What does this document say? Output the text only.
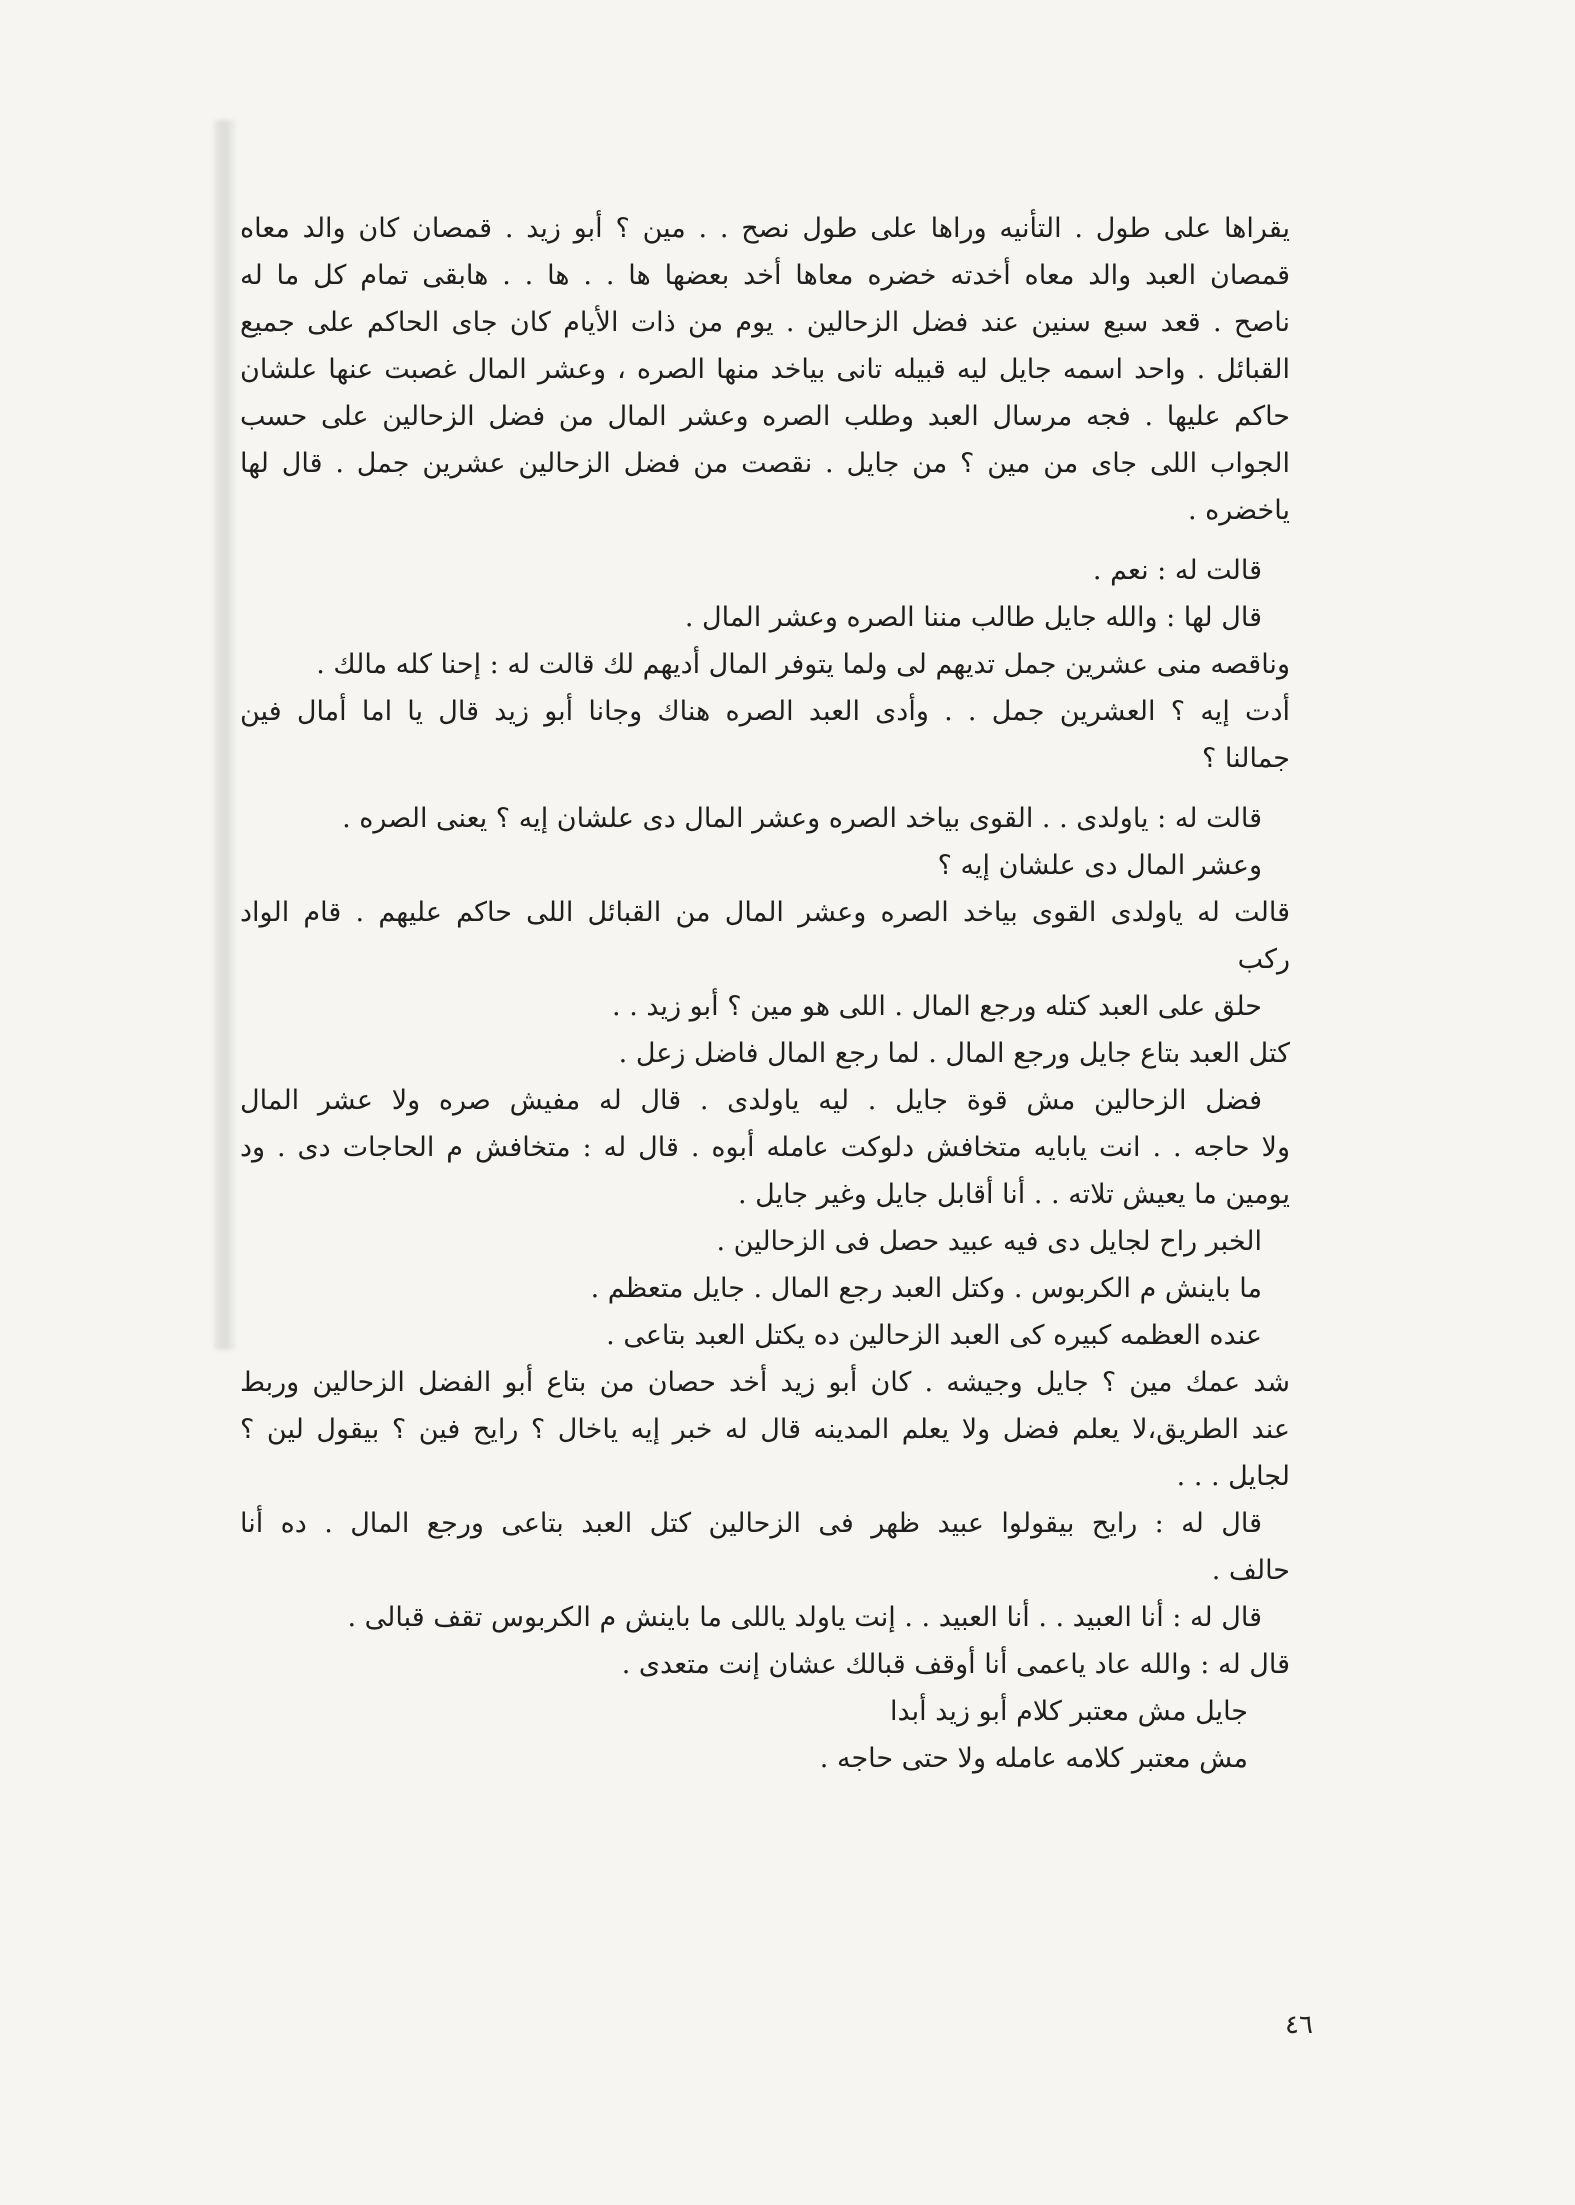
يقراها على طول . التأنيه وراها على طول نصح . . مين ؟ أبو زيد . قمصان كان والد معاه
قمصان العبد والد معاه أخدته خضره معاها أخد بعضها ها . . ها . . هابقى تمام كل ما له
ناصح . قعد سبع سنين عند فضل الزحالين . يوم من ذات الأيام كان جاى الحاكم على جميع
القبائل . واحد اسمه جايل ليه قبيله تانى بياخد منها الصره ، وعشر المال غصبت عنها علشان
حاكم عليها . فجه مرسال العبد وطلب الصره وعشر المال من فضل الزحالين على حسب
الجواب اللى جاى من مين ؟ من جايل . نقصت من فضل الزحالين عشرين جمل . قال لها
ياخضره .
قالت له : نعم .
قال لها : والله جايل طالب مننا الصره وعشر المال .
وناقصه منى عشرين جمل تديهم لى ولما يتوفر المال أديهم لك قالت له : إحنا كله مالك .
أدت إيه ؟ العشرين جمل . . وأدى العبد الصره هناك وجانا أبو زيد قال يا اما أمال فين
جمالنا ؟
قالت له : ياولدى . . القوى بياخد الصره وعشر المال دى علشان إيه ؟ يعنى الصره .
وعشر المال دى علشان إيه ؟
قالت له ياولدى القوى بياخد الصره وعشر المال من القبائل اللى حاكم عليهم . قام الواد
ركب
حلق على العبد كتله ورجع المال . اللى هو مين ؟ أبو زيد . .
كتل العبد بتاع جايل ورجع المال . لما رجع المال فاضل زعل .
فضل الزحالين مش قوة جايل . ليه ياولدى . قال له مفيش صره ولا عشر المال
ولا حاجه . . انت يابايه متخافش دلوكت عامله أبوه . قال له : متخافش م الحاجات دى . ود
يومين ما يعيش تلاته . . أنا أقابل جايل وغير جايل .
الخبر راح لجايل دى فيه عبيد حصل فى الزحالين .
ما باينش م الكربوس . وكتل العبد رجع المال . جايل متعظم .
عنده العظمه كبيره كى العبد الزحالين ده يكتل العبد بتاعى .
شد عمك مين ؟ جايل وجيشه . كان أبو زيد أخد حصان من بتاع أبو الفضل الزحالين وربط
عند الطريق،لا يعلم فضل ولا يعلم المدينه قال له خبر إيه ياخال ؟ رايح فين ؟ بيقول لين ؟
لجايل . . .
قال له : رايح بيقولوا عبيد ظهر فى الزحالين كتل العبد بتاعى ورجع المال . ده أنا
حالف .
قال له : أنا العبيد . . أنا العبيد . . إنت ياولد ياللى ما باينش م الكربوس تقف قبالى .
قال له : والله عاد ياعمى أنا أوقف قبالك عشان إنت متعدى .
جايل مش معتبر كلام أبو زيد أبدا
مش معتبر كلامه عامله ولا حتى حاجه .
٤٦
